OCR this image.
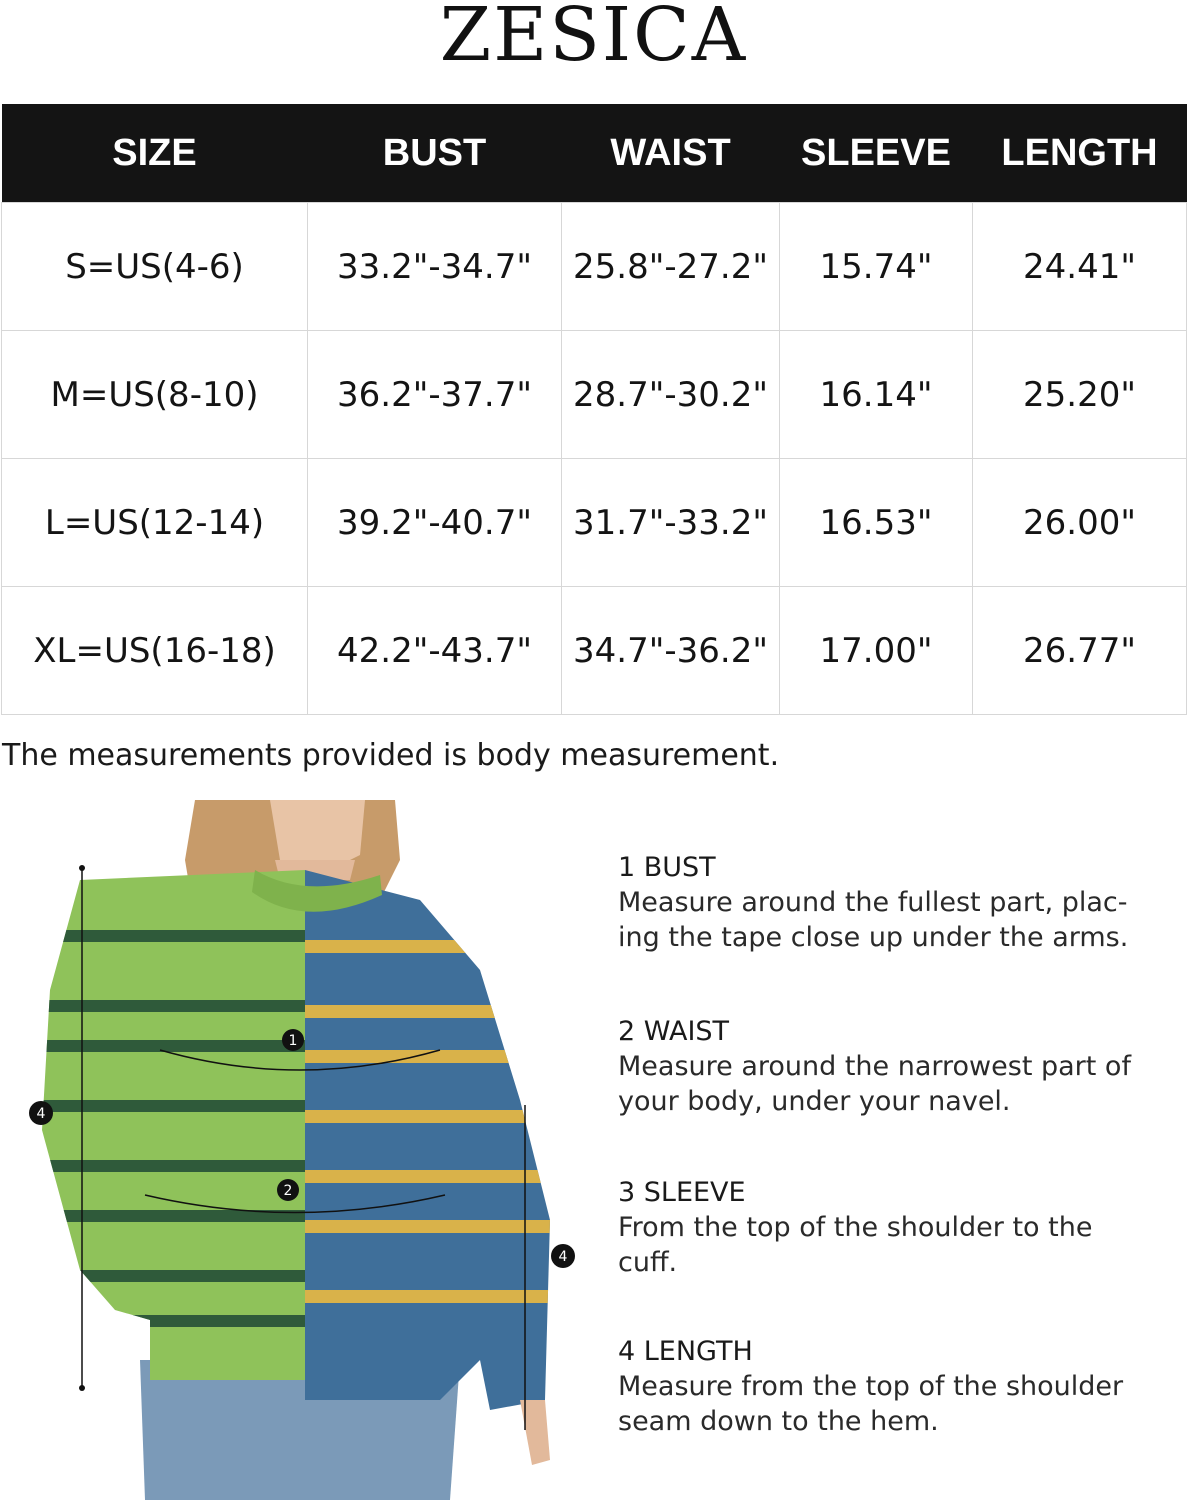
ZESICA
SIZE	BUST	WAIST	SLEEVE	LENGTH
S=US(4-6)	33.2"-34.7"	25.8"-27.2"	15.74"	24.41"
M=US(8-10)	36.2"-37.7"	28.7"-30.2"	16.14"	25.20"
L=US(12-14)	39.2"-40.7"	31.7"-33.2"	16.53"	26.00"
XL=US(16-18)	42.2"-43.7"	34.7"-36.2"	17.00"	26.77"
The measurements provided is body measurement.
1
2
4
4
1 BUST
Measure around the fullest part, plac-
ing the tape close up under the arms.
2 WAIST
Measure around the narrowest part of
your body, under your navel.
3 SLEEVE
From the top of the shoulder to the
cuff.
4 LENGTH
Measure from the top of the shoulder
seam down to the hem.
